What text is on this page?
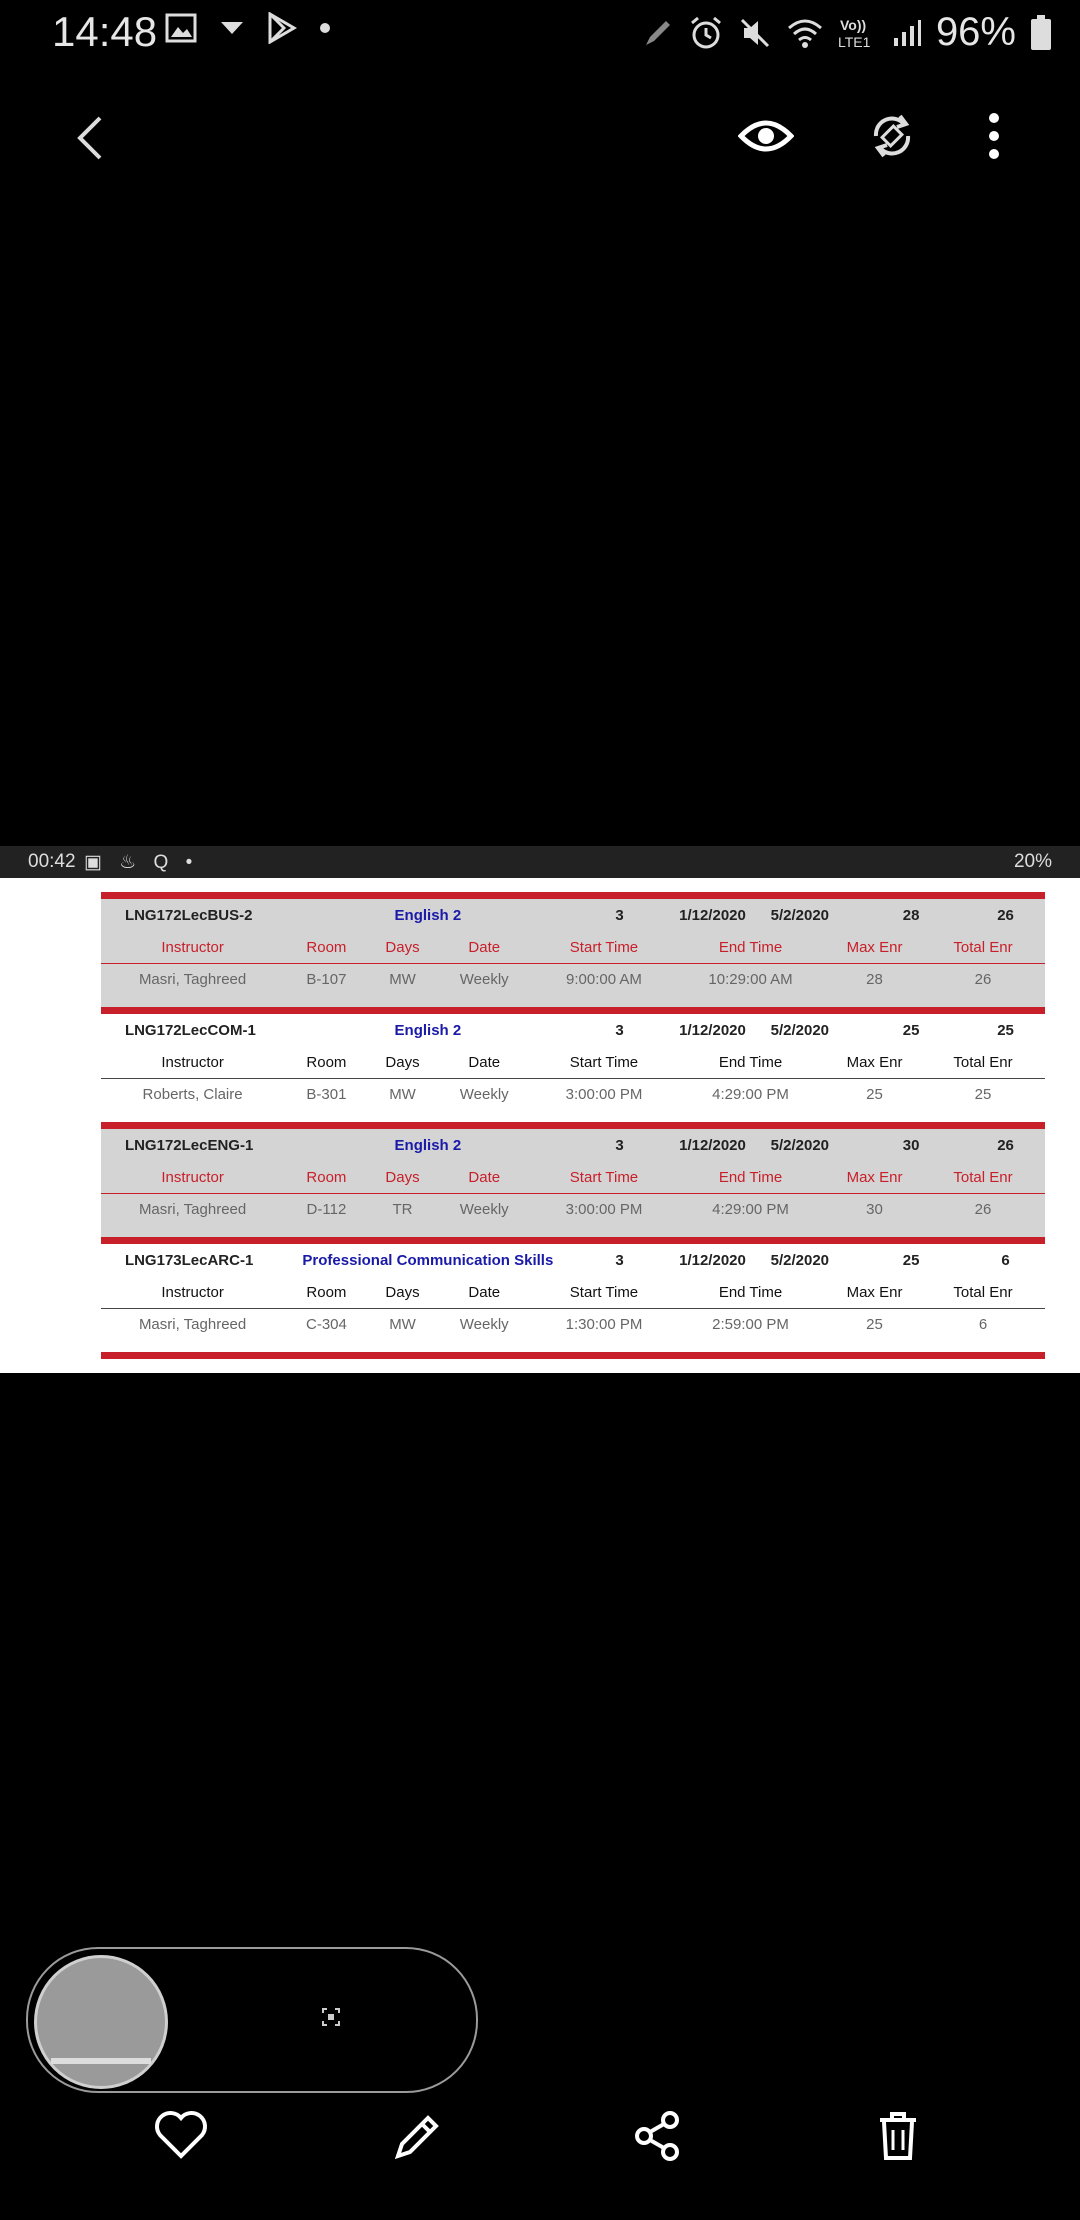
14:48	Vo))
LTE1 96%
00:42 ▣ ♨ Q •	20%
LNG172LecBUS-2	English 2	3	1/12/2020 5/2/2020	28	26
Instructor	Room	Days	Date	Start Time	End Time	Max Enr	Total Enr
Masri, Taghreed	B-107	MW	Weekly	9:00:00 AM	10:29:00 AM	28	26
LNG172LecCOM-1	English 2	3	1/12/2020 5/2/2020	25	25
Instructor	Room	Days	Date	Start Time	End Time	Max Enr	Total Enr
Roberts, Claire	B-301	MW	Weekly	3:00:00 PM	4:29:00 PM	25	25
LNG172LecENG-1	English 2	3	1/12/2020 5/2/2020	30	26
Instructor	Room	Days	Date	Start Time	End Time	Max Enr	Total Enr
Masri, Taghreed	D-112	TR	Weekly	3:00:00 PM	4:29:00 PM	30	26
LNG173LecARC-1	Professional Communication Skills	3	1/12/2020 5/2/2020	25	6
Instructor	Room	Days	Date	Start Time	End Time	Max Enr	Total Enr
Masri, Taghreed	C-304	MW	Weekly	1:30:00 PM	2:59:00 PM	25	6
